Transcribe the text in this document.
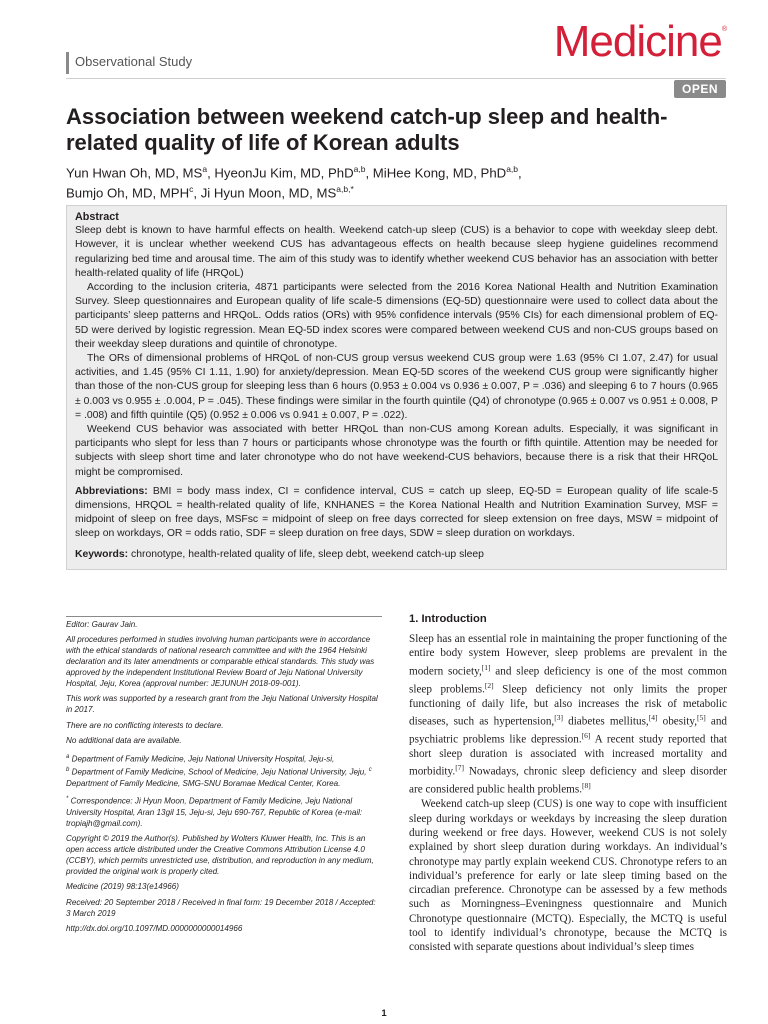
Observational Study	Medicine®
OPEN
Association between weekend catch-up sleep and health-related quality of life of Korean adults
Yun Hwan Oh, MD, $MS^a$, HyeonJu Kim, MD, PhD$^{a,b}$, MiHee Kong, MD, PhD$^{a,b}$,
Bumjo Oh, MD, MPH$^c$, Ji Hyun Moon, MD, $MS^{a,b,*}$

Abstract

Sleep debt is known to have harmful effects on health. Weekend catch-up sleep (CUS) is a behavior to cope with weekday sleep debt. However, it is unclear whether weekend CUS has advantageous effects on health because sleep hygiene guidelines recommend regularizing bed time and arousal time. The aim of this study was to identify whether weekend CUS behavior has an association with better health-related quality of life (HRQoL)

According to the inclusion criteria, 4871 participants were selected from the 2016 Korea National Health and Nutrition Examination Survey. Sleep questionnaires and European quality of life scale-5 dimensions (EQ-5D) questionnaire were used to collect data about the participants’ sleep patterns and HRQoL. Odds ratios (ORs) with 95% confidence intervals (95% CIs) for each dimensional problem of EQ-5D were derived by logistic regression. Mean EQ-5D index scores were compared between weekend CUS and non-CUS groups based on their weekday sleep durations and quintile of chronotype.

The ORs of dimensional problems of HRQoL of non-CUS group versus weekend CUS group were 1.63 (95% CI 1.07, 2.47) for usual activities, and 1.45 (95% CI 1.11, 1.90) for anxiety/depression. Mean EQ-5D scores of the weekend CUS group were significantly higher than those of the non-CUS group for sleeping less than 6 hours (0.953 ± 0.004 vs 0.936 ± 0.007, P = .036) and sleeping 6 to 7 hours (0.965 ± 0.003 vs 0.955 ± .0.004, P = .045). These findings were similar in the fourth quintile (Q4) of chronotype (0.965 ± 0.007 vs 0.951 ± 0.008, P = .008) and fifth quintile (Q5) (0.952 ± 0.006 vs 0.941 ± 0.007, P = .022).

Weekend CUS behavior was associated with better HRQoL than non-CUS among Korean adults. Especially, it was significant in participants who slept for less than 7 hours or participants whose chronotype was the fourth or fifth quintile. Attention may be needed for subjects with sleep short time and later chronotype who do not have weekend-CUS behaviors, because there is a risk that their HRQoL might be compromised.

Abbreviations: BMI = body mass index, CI = confidence interval, CUS = catch up sleep, EQ-5D = European quality of life scale-5 dimensions, HRQOL = health-related quality of life, KNHANES = the Korea National Health and Nutrition Examination Survey, MSF = midpoint of sleep on free days, MSFsc = midpoint of sleep on free days corrected for sleep extension on free days, MSW = midpoint of sleep on workdays, OR = odds ratio, SDF = sleep duration on free days, SDW = sleep duration on workdays.

Keywords: chronotype, health-related quality of life, sleep debt, weekend catch-up sleep

Editor: Gaurav Jain.

All procedures performed in studies involving human participants were in accordance with the ethical standards of national research committee and with the 1964 Helsinki declaration and its later amendments or comparable ethical standards. This study was approved by the independent Institutional Review Board of Jeju National University Hospital, Jeju, Korea (approval number: JEJUNUH 2018-09-001).

This work was supported by a research grant from the Jeju National University Hospital in 2017.

There are no conflicting interests to declare.

No additional data are available.

$^a$ Department of Family Medicine, Jeju National University Hospital, Jeju-si,
$^b$ Department of Family Medicine, School of Medicine, Jeju National University, Jeju, $^c$ Department of Family Medicine, SMG-SNU Boramae Medical Center, Korea.

* Correspondence: Ji Hyun Moon, Department of Family Medicine, Jeju National University Hospital, Aran 13gil 15, Jeju-si, Jeju 690-767, Republic of Korea (e-mail: tropiajh@gmail.com).

Copyright © 2019 the Author(s). Published by Wolters Kluwer Health, Inc. This is an open access article distributed under the Creative Commons Attribution License 4.0 (CCBY), which permits unrestricted use, distribution, and reproduction in any medium, provided the original work is properly cited.

Medicine (2019) 98:13(e14966)

Received: 20 September 2018 / Received in final form: 19 December 2018 / Accepted: 3 March 2019

http://dx.doi.org/10.1097/MD.0000000000014966

1. Introduction

Sleep has an essential role in maintaining the proper functioning of the entire body system However, sleep problems are prevalent in the modern society,[1] and sleep deficiency is one of the most common sleep problems.[2] Sleep deficiency not only limits the proper functioning of daily life, but also increases the risk of metabolic diseases, such as hypertension,[3] diabetes mellitus,[4] obesity,[5] and psychiatric problems like depression.[6] A recent study reported that short sleep duration is associated with increased mortality and morbidity.[7] Nowadays, chronic sleep deficiency and sleep disorder are considered public health problems.[8]

Weekend catch-up sleep (CUS) is one way to cope with insufficient sleep during workdays or weekdays by increasing the sleep duration during weekend or free days. However, weekend CUS is not solely explained by short sleep duration during workdays. An individual’s chronotype may partly explain weekend CUS. Chronotype refers to an individual’s preference for early or late sleep timing based on the circadian preference. Chronotype can be assessed by a few methods such as Morningness–Eveningness questionnaire and Munich Chronotype questionnaire (MCTQ). Especially, the MCTQ is useful tool to identify individual’s chronotype, because the MCTQ is consisted with separate questions about individual’s sleep times

1
